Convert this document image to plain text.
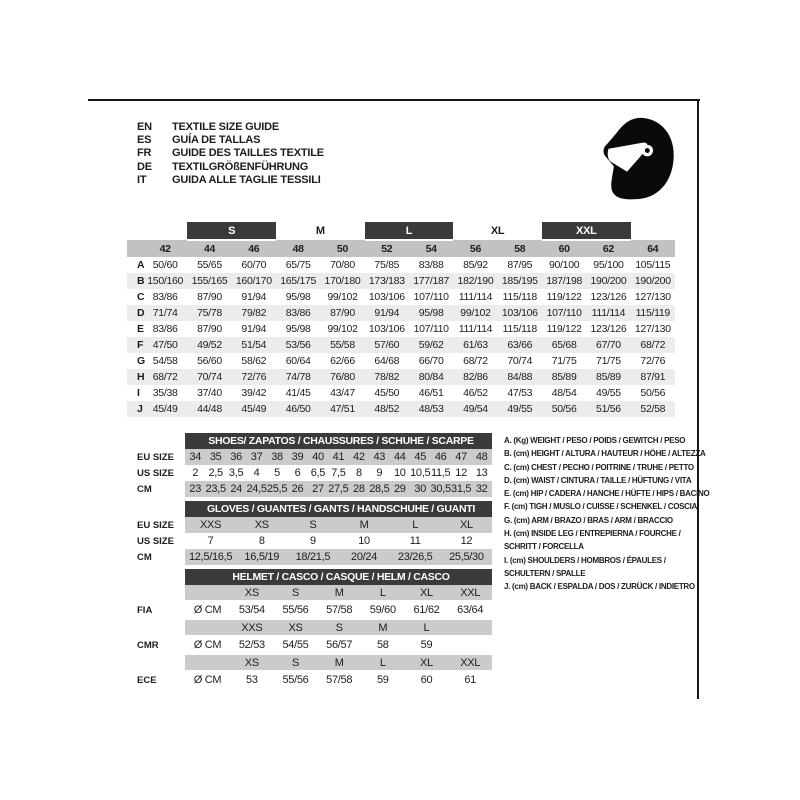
EN	TEXTILE SIZE GUIDE
ES	GUÍA DE TALLAS
FR	GUIDE DES TAILLES TEXTILE
DE	TEXTILGRÖßENFÜHRUNG
IT	GUIDA ALLE TAGLIE TESSILI
		S		M		L		XL		XXL		
	42	44	46	48	50	52	54	56	58	60	62	64
A	50/60	55/65	60/70	65/75	70/80	75/85	83/88	85/92	87/95	90/100	95/100	105/115
B	150/160	155/165	160/170	165/175	170/180	173/183	177/187	182/190	185/195	187/198	190/200	190/200
C	83/86	87/90	91/94	95/98	99/102	103/106	107/110	111/114	115/118	119/122	123/126	127/130
D	71/74	75/78	79/82	83/86	87/90	91/94	95/98	99/102	103/106	107/110	111/114	115/119
E	83/86	87/90	91/94	95/98	99/102	103/106	107/110	111/114	115/118	119/122	123/126	127/130
F	47/50	49/52	51/54	53/56	55/58	57/60	59/62	61/63	63/66	65/68	67/70	68/72
G	54/58	56/60	58/62	60/64	62/66	64/68	66/70	68/72	70/74	71/75	71/75	72/76
H	68/72	70/74	72/76	74/78	76/80	78/82	80/84	82/86	84/88	85/89	85/89	87/91
I	35/38	37/40	39/42	41/45	43/47	45/50	46/51	46/52	47/53	48/54	49/55	50/56
J	45/49	44/48	45/49	46/50	47/51	48/52	48/53	49/54	49/55	50/56	51/56	52/58
	SHOES/ ZAPATOS / CHAUSSURES / SCHUHE / SCARPE														
EU SIZE	34	35	36	37	38	39	40	41	42	43	44	45	46	47	48
US SIZE	2	2,5	3,5	4	5	6	6,5	7,5	8	9	10	10,5	11,5	12	13
CM	23	23,5	24	24,5	25,5	26	27	27,5	28	28,5	29	30	30,5	31,5	32
	GLOVES / GUANTES / GANTS / HANDSCHUHE / GUANTI					
EU SIZE	XXS	XS	S	M	L	XL
US SIZE	7	8	9	10	11	12
CM	12,5/16,5	16,5/19	18/21,5	20/24	23/26,5	25,5/30
	HELMET / CASCO / CASQUE / HELM / CASCO						
		XS	S	M	L	XL	XXL
FIA	Ø CM	53/54	55/56	57/58	59/60	61/62	63/64
		XXS	XS	S	M	L	
CMR	Ø CM	52/53	54/55	56/57	58	59	
		XS	S	M	L	XL	XXL
ECE	Ø CM	53	55/56	57/58	59	60	61
A. (Kg) WEIGHT / PESO / POIDS / GEWITCH / PESO
B. (cm) HEIGHT / ALTURA / HAUTEUR / HÖHE / ALTEZZA
C. (cm) CHEST / PECHO / POITRINE / TRUHE / PETTO
D. (cm) WAIST / CINTURA / TAILLE / HÜFTUNG / VITA
E. (cm) HIP / CADERA / HANCHE / HÜFTE / HIPS / BACINO
F. (cm) TIGH / MUSLO / CUISSE / SCHENKEL / COSCIA
G. (cm) ARM / BRAZO / BRAS / ARM / BRACCIO
H. (cm) INSIDE LEG / ENTREPIERNA / FOURCHE /
SCHRITT / FORCELLA
I. (cm) SHOULDERS / HOMBROS / ÉPAULES /
SCHULTERN / SPALLE
J. (cm) BACK / ESPALDA / DOS / ZURÜCK / INDIETRO
